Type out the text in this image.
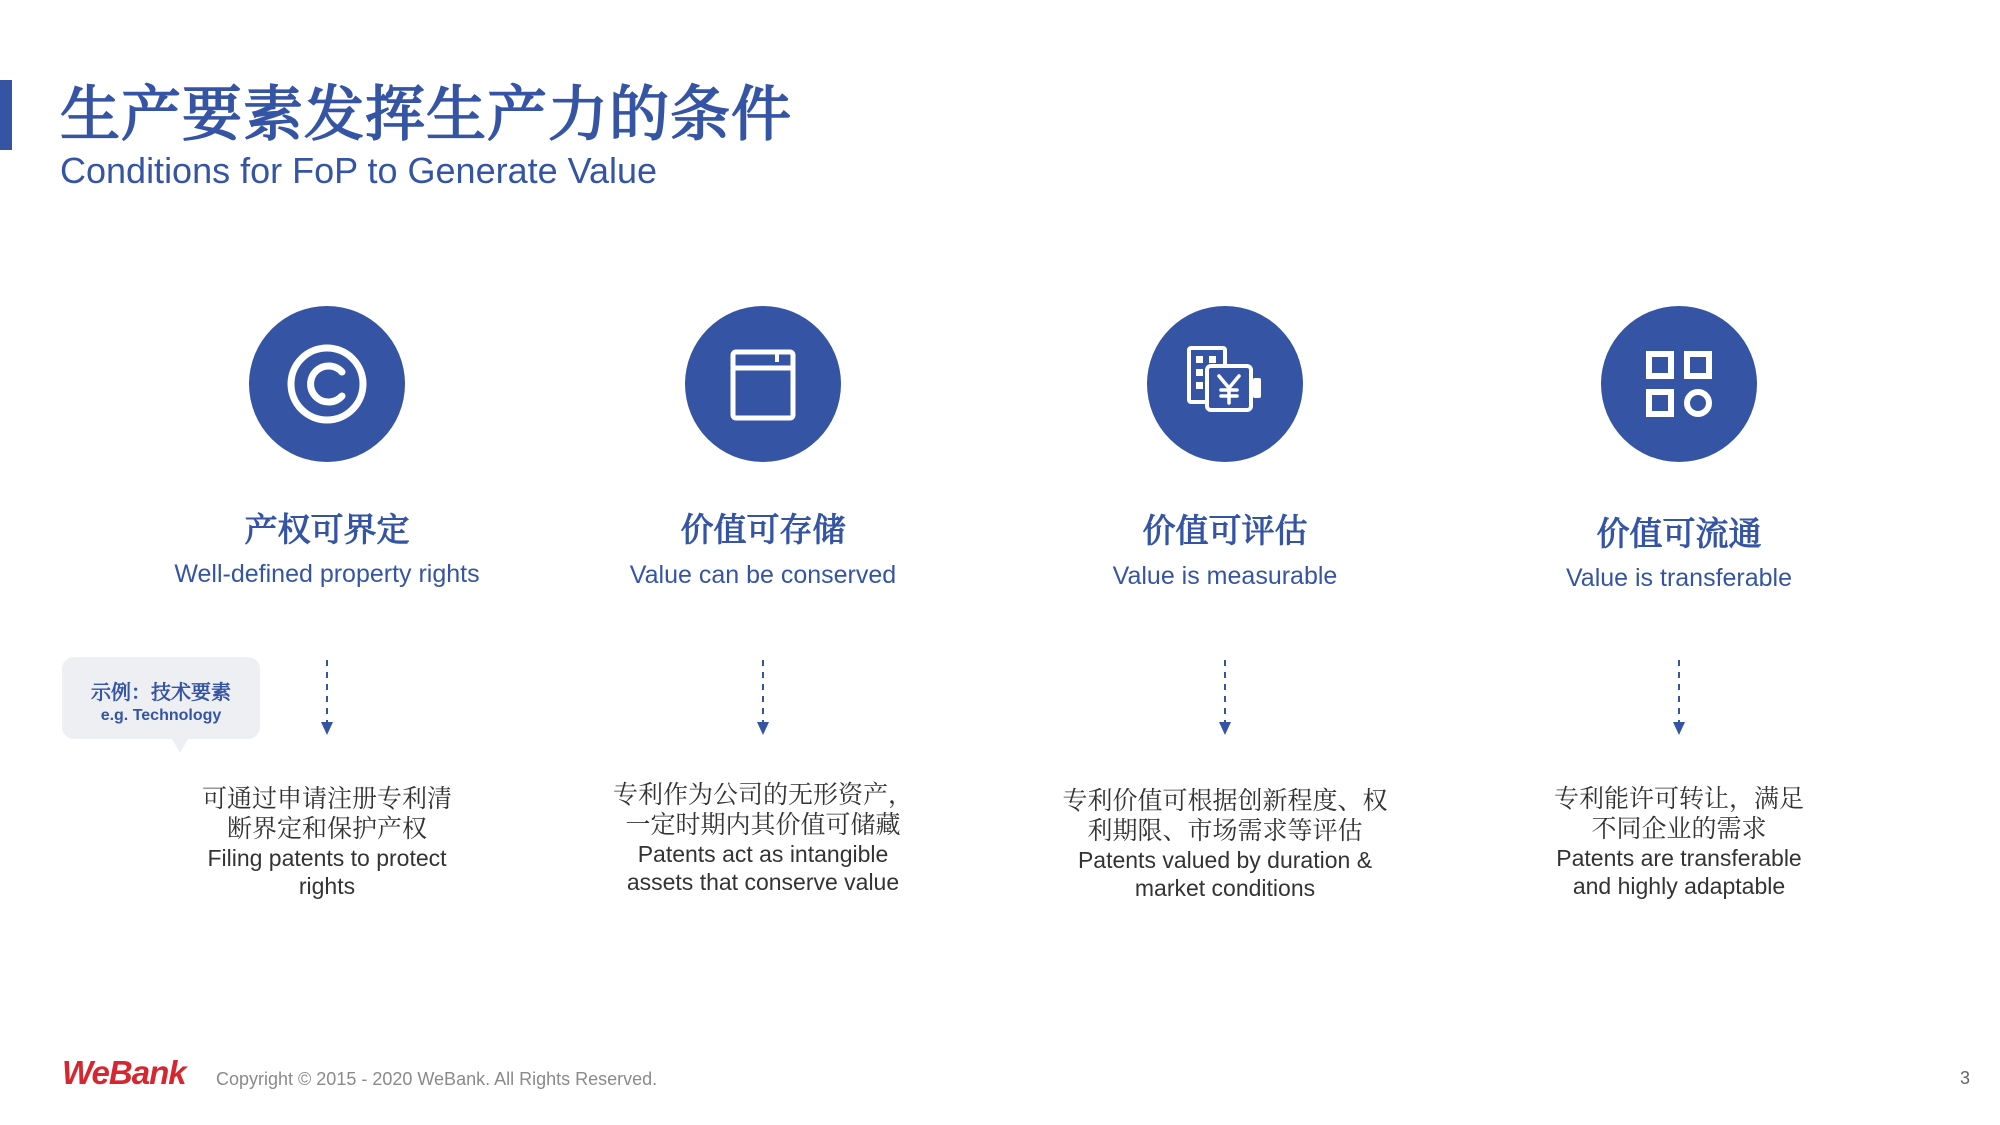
生产要素发挥生产力的条件
Conditions for FoP to Generate Value
产权可界定
Well-defined property rights
可通过申请注册专利清断界定和保护产权
Filing patents to protect rights
示例：技术要素
e.g. Technology
价值可存储
Value can be conserved
专利作为公司的无形资产，一定时期内其价值可储藏
Patents act as intangible assets that conserve value
价值可评估
Value is measurable
专利价值可根据创新程度、权利期限、市场需求等评估
Patents valued by duration & market conditions
价值可流通
Value is transferable
专利能许可转让，满足不同企业的需求
Patents are transferable and highly adaptable
WeBank Copyright © 2015 - 2020 WeBank. All Rights Reserved.	3
